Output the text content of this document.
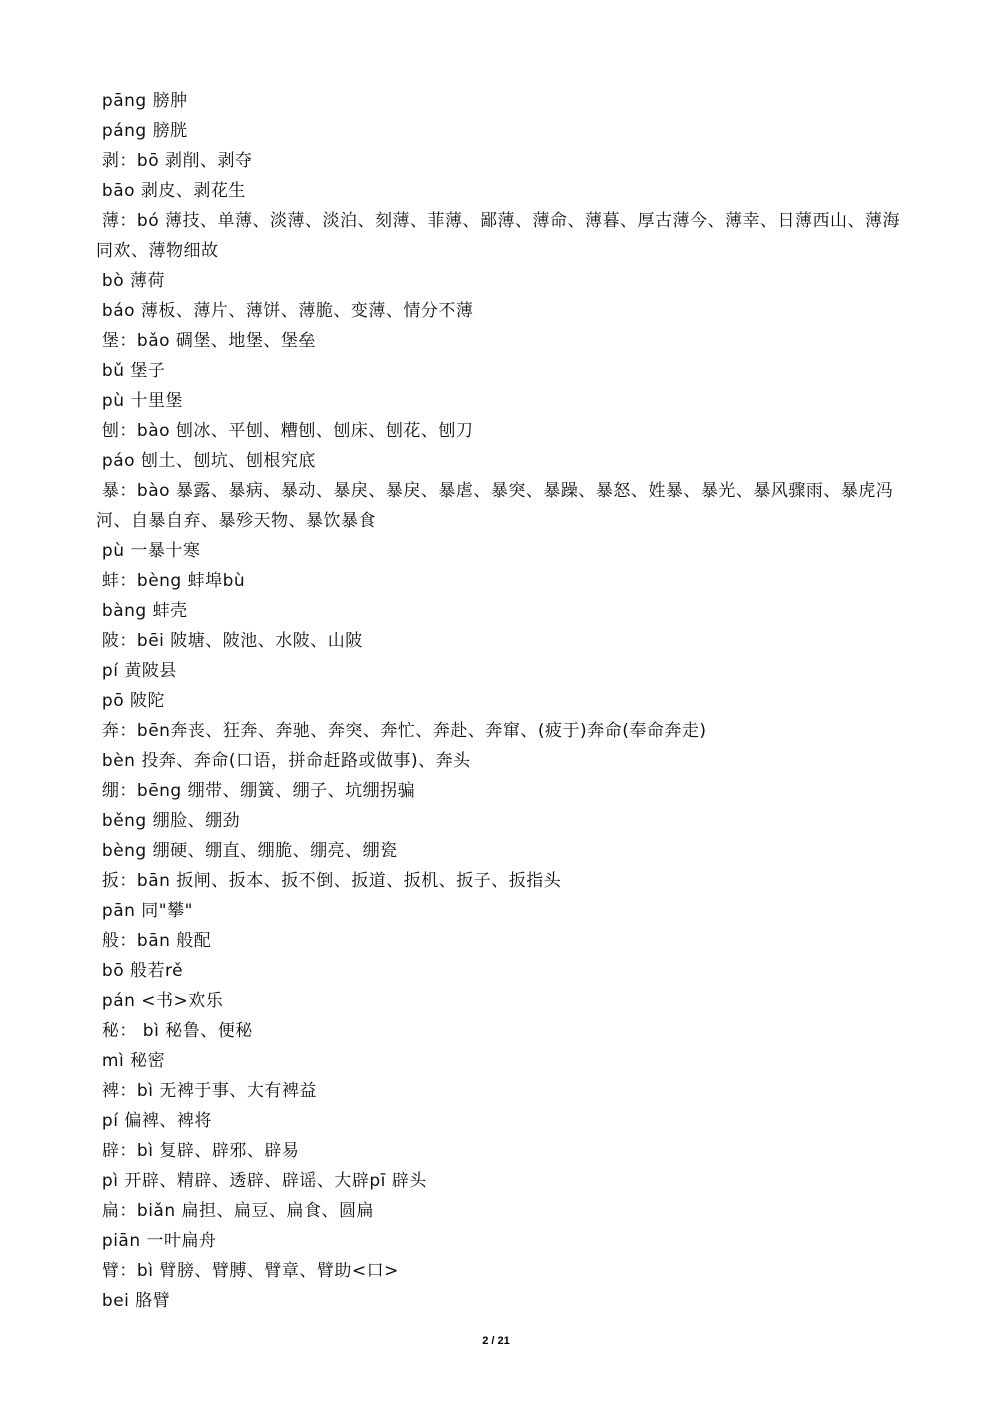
pāng 膀肿
páng 膀胱
剥：bō 剥削、剥夺
bāo 剥皮、剥花生
薄：bó 薄技、单薄、淡薄、淡泊、刻薄、菲薄、鄙薄、薄命、薄暮、厚古薄今、薄幸、日薄西山、薄海同欢、薄物细故
bò 薄荷
báo 薄板、薄片、薄饼、薄脆、变薄、情分不薄
堡：bǎo 碉堡、地堡、堡垒
bǔ 堡子
pù 十里堡
刨：bào 刨冰、平刨、糟刨、刨床、刨花、刨刀
páo 刨土、刨坑、刨根究底
暴：bào 暴露、暴病、暴动、暴戾、暴戾、暴虐、暴突、暴躁、暴怒、姓暴、暴光、暴风骤雨、暴虎冯河、自暴自弃、暴殄天物、暴饮暴食
pù 一暴十寒
蚌：bèng 蚌埠bù
bàng 蚌壳
陂：bēi 陂塘、陂池、水陂、山陂
pí 黄陂县
pō 陂陀
奔：bēn奔丧、狂奔、奔驰、奔突、奔忙、奔赴、奔窜、(疲于)奔命(奉命奔走)
bèn 投奔、奔命(口语，拼命赶路或做事)、奔头
绷：bēng 绷带、绷簧、绷子、坑绷拐骗
běng 绷脸、绷劲
bèng 绷硬、绷直、绷脆、绷亮、绷瓷
扳：bān 扳闸、扳本、扳不倒、扳道、扳机、扳子、扳指头
pān 同"攀"
般：bān 般配
bō 般若rě
pán <书>欢乐
秘： bì 秘鲁、便秘
mì 秘密
裨：bì 无裨于事、大有裨益
pí 偏裨、裨将
辟：bì 复辟、辟邪、辟易
pì 开辟、精辟、透辟、辟谣、大辟pī 辟头
扁：biǎn 扁担、扁豆、扁食、圆扁
piān 一叶扁舟
臂：bì 臂膀、臂膊、臂章、臂助<口>
bei 胳臂
2 / 21
